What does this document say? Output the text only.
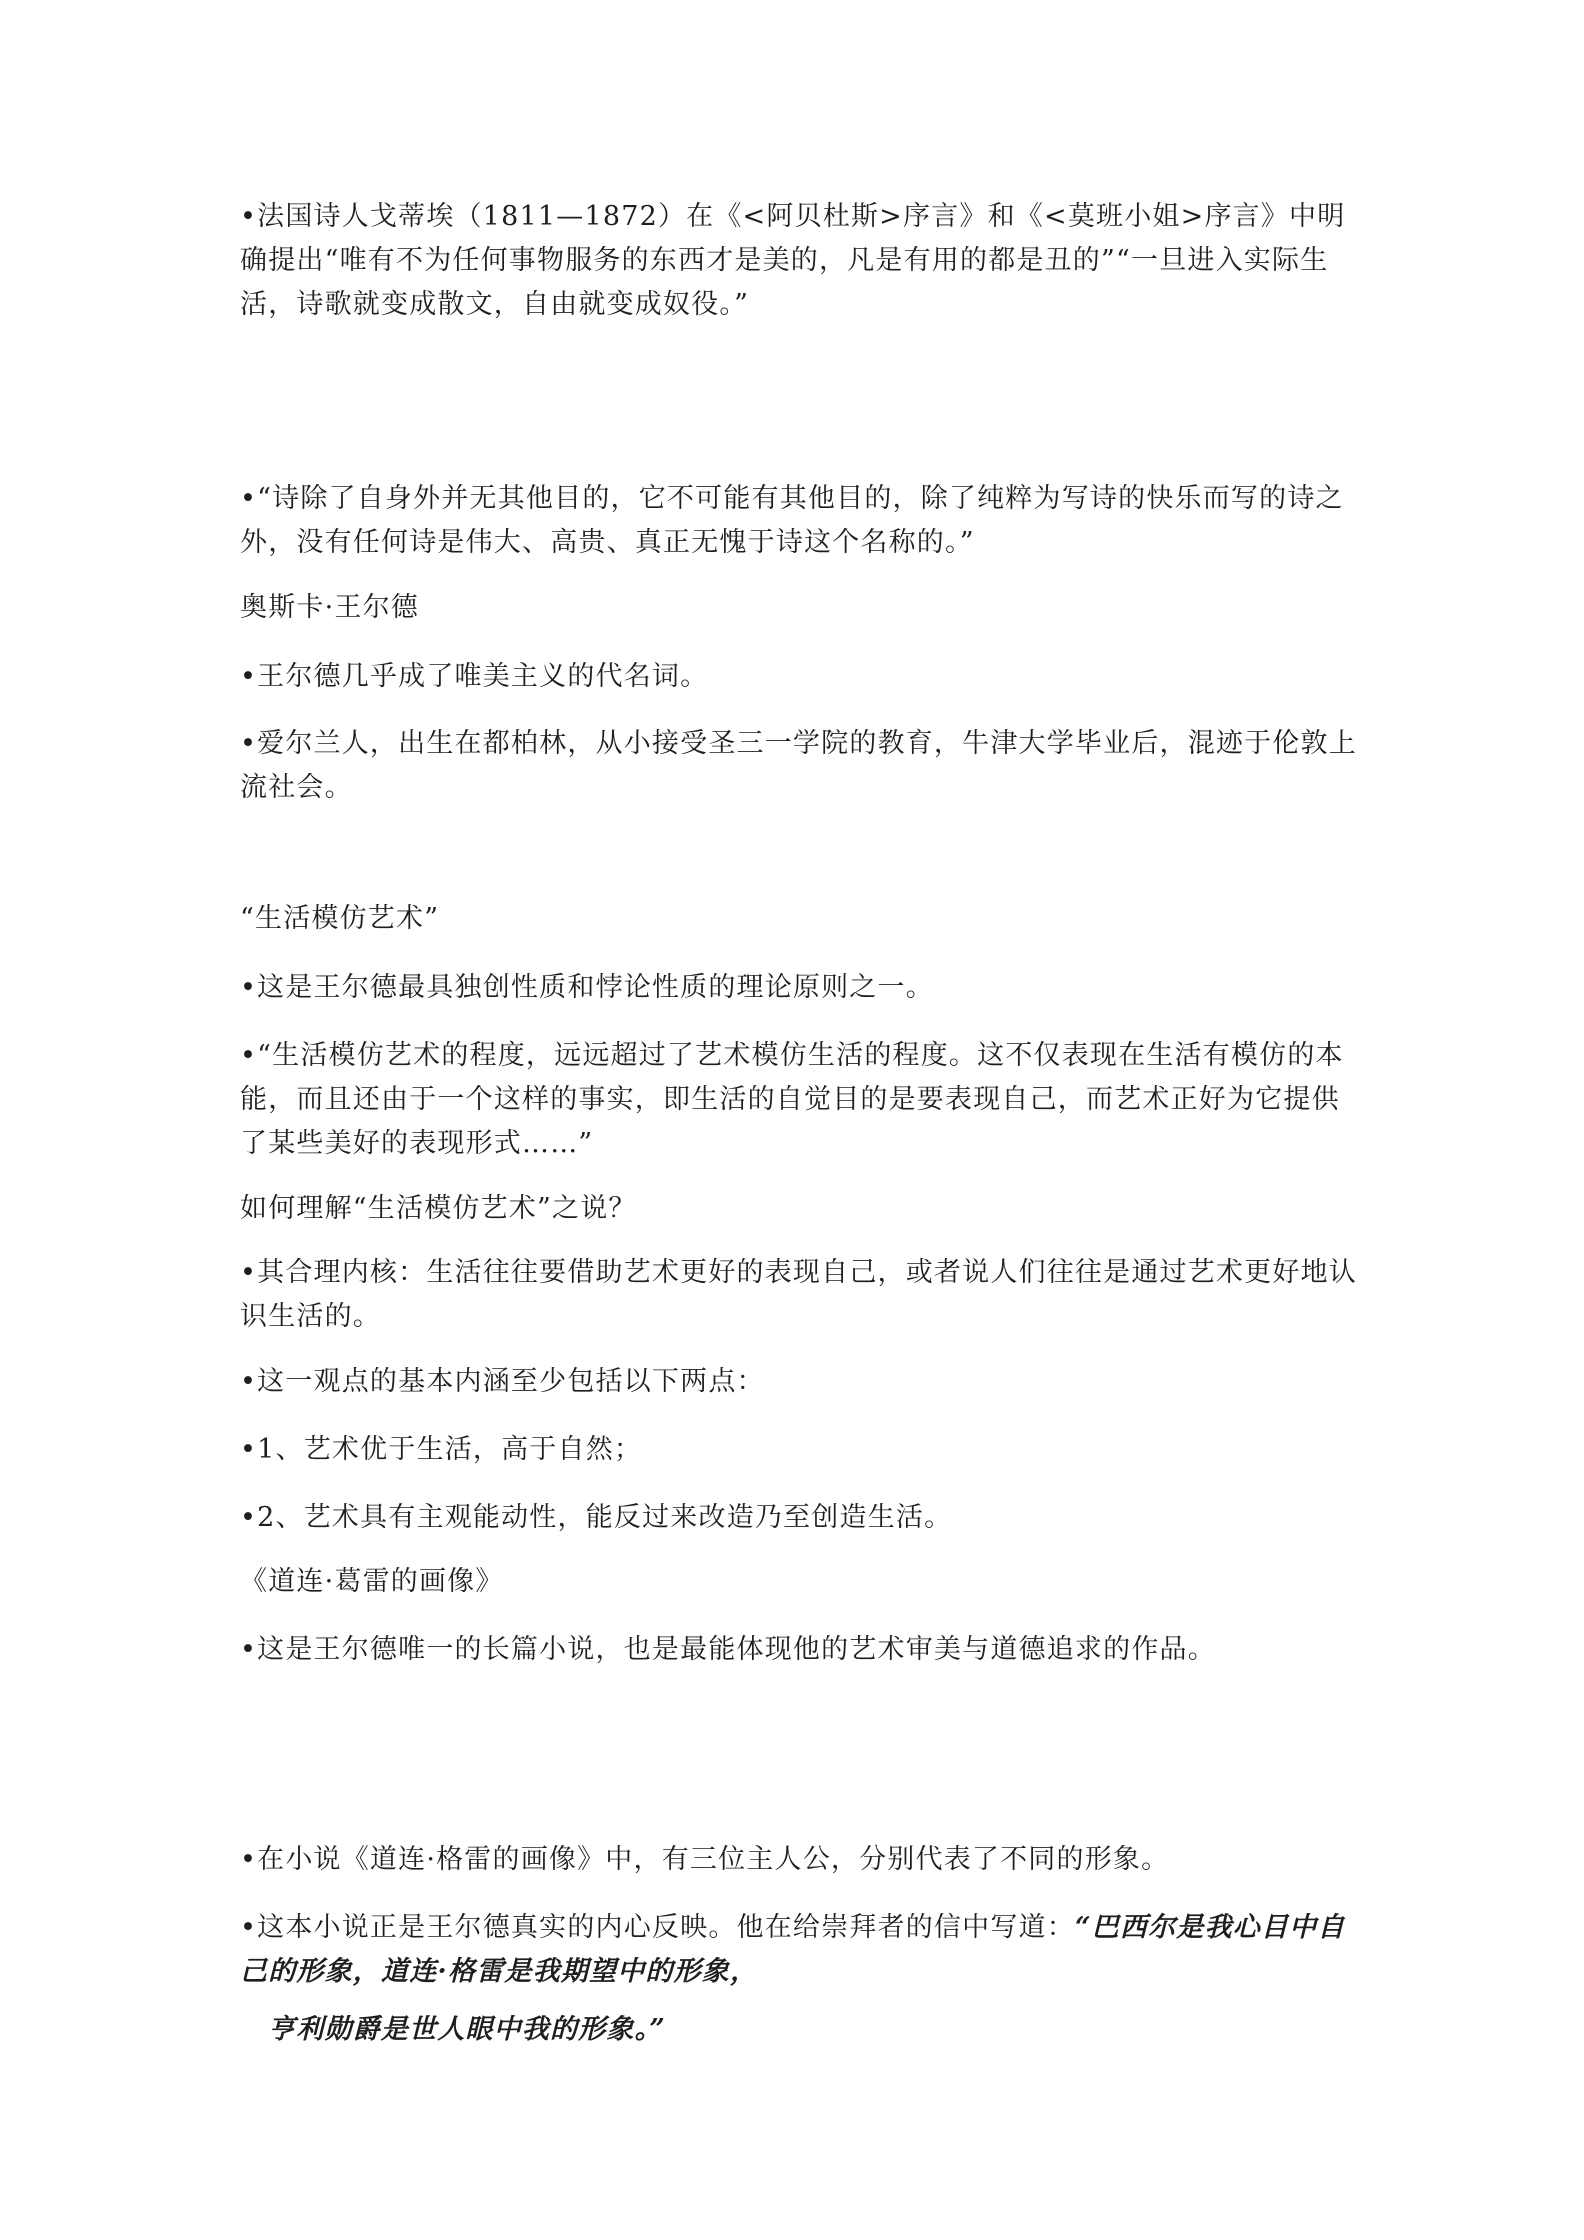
•法国诗人戈蒂埃（1811—1872）在《<阿贝杜斯>序言》和《<莫班小姐>序言》中明确提出“唯有不为任何事物服务的东西才是美的，凡是有用的都是丑的”“一旦进入实际生活，诗歌就变成散文，自由就变成奴役。”

•“诗除了自身外并无其他目的，它不可能有其他目的，除了纯粹为写诗的快乐而写的诗之外，没有任何诗是伟大、高贵、真正无愧于诗这个名称的。”

奥斯卡·王尔德

•王尔德几乎成了唯美主义的代名词。

•爱尔兰人，出生在都柏林，从小接受圣三一学院的教育，牛津大学毕业后，混迹于伦敦上流社会。

“生活模仿艺术”

•这是王尔德最具独创性质和悖论性质的理论原则之一。

•“生活模仿艺术的程度，远远超过了艺术模仿生活的程度。这不仅表现在生活有模仿的本能，而且还由于一个这样的事实，即生活的自觉目的是要表现自己，而艺术正好为它提供了某些美好的表现形式……”

如何理解“生活模仿艺术”之说？

•其合理内核：生活往往要借助艺术更好的表现自己，或者说人们往往是通过艺术更好地认识生活的。

•这一观点的基本内涵至少包括以下两点：

•1、艺术优于生活，高于自然；

•2、艺术具有主观能动性，能反过来改造乃至创造生活。

《道连·葛雷的画像》

•这是王尔德唯一的长篇小说，也是最能体现他的艺术审美与道德追求的作品。

•在小说《道连·格雷的画像》中，有三位主人公，分别代表了不同的形象。

•这本小说正是王尔德真实的内心反映。他在给崇拜者的信中写道：“巴西尔是我心目中自己的形象，道连·格雷是我期望中的形象，

亨利勋爵是世人眼中我的形象。”
